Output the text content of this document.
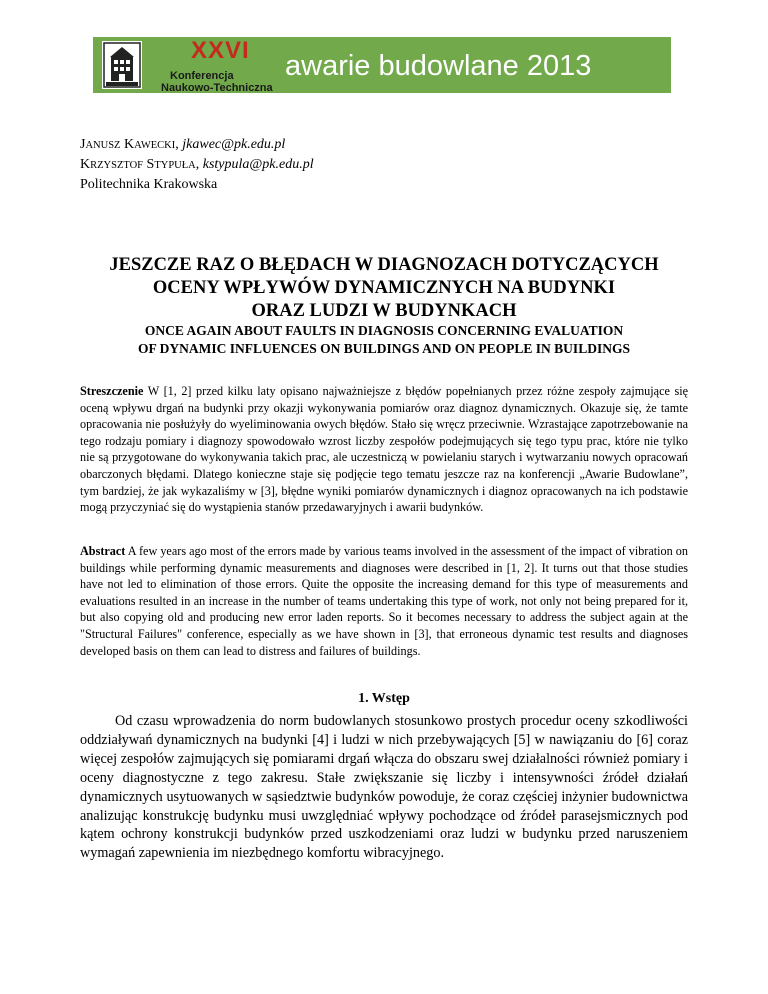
XXVI
Konferencja
Naukowo-Techniczna
awarie budowlane 2013
JANUSZ KAWECKI, jkawec@pk.edu.pl
KRZYSZTOF STYPUŁA, kstypula@pk.edu.pl
Politechnika Krakowska
JESZCZE RAZ O BŁĘDACH W DIAGNOZACH DOTYCZĄCYCH
OCENY WPŁYWÓW DYNAMICZNYCH NA BUDYNKI
ORAZ LUDZI W BUDYNKACH
ONCE AGAIN ABOUT FAULTS IN DIAGNOSIS CONCERNING EVALUATION
OF DYNAMIC INFLUENCES ON BUILDINGS AND ON PEOPLE IN BUILDINGS
Streszczenie W [1, 2] przed kilku laty opisano najważniejsze z błędów popełnianych przez różne zespoły zajmujące się oceną wpływu drgań na budynki przy okazji wykonywania pomiarów oraz diagnoz dynamicznych. Okazuje się, że tamte opracowania nie posłużyły do wyeliminowania owych błędów. Stało się wręcz przeciwnie. Wzrastające zapotrzebowanie na tego rodzaju pomiary i diagnozy spowodowało wzrost liczby zespołów podejmujących się tego typu prac, które nie tylko nie są przygotowane do wykonywania takich prac, ale uczestniczą w powielaniu starych i wytwarzaniu nowych opracowań obarczonych błędami. Dlatego konieczne staje się podjęcie tego tematu jeszcze raz na konferencji „Awarie Budowlane”, tym bardziej, że jak wykazaliśmy w [3], błędne wyniki pomiarów dynamicznych i diagnoz opracowanych na ich podstawie mogą przyczyniać się do wystąpienia stanów przedawaryjnych i awarii budynków.
Abstract A few years ago most of the errors made by various teams involved in the assessment of the impact of vibration on buildings while performing dynamic measurements and diagnoses were described in [1, 2]. It turns out that those studies have not led to elimination of those errors. Quite the opposite the increasing demand for this type of measurements and evaluations resulted in an increase in the number of teams undertaking this type of work, not only not being prepared for it, but also copying old and producing new error laden reports. So it becomes necessary to address the subject again at the "Structural Failures" conference, especially as we have shown in [3], that erroneous dynamic test results and diagnoses developed basis on them can lead to distress and failures of buildings.
1. Wstęp
Od czasu wprowadzenia do norm budowlanych stosunkowo prostych procedur oceny szkodliwości oddziaływań dynamicznych na budynki [4] i ludzi w nich przebywających [5] w nawiązaniu do [6] coraz więcej zespołów zajmujących się pomiarami drgań włącza do obszaru swej działalności również pomiary i oceny diagnostyczne z tego zakresu. Stałe zwiększanie się liczby i intensywności źródeł działań dynamicznych usytuowanych w sąsiedztwie budynków powoduje, że coraz częściej inżynier budownictwa analizując konstrukcję budynku musi uwzględniać wpływy pochodzące od źródeł parasejsmicznych pod kątem ochrony konstrukcji budynków przed uszkodzeniami oraz ludzi w budynku przed naruszeniem wymagań zapewnienia im niezbędnego komfortu wibracyjnego.
